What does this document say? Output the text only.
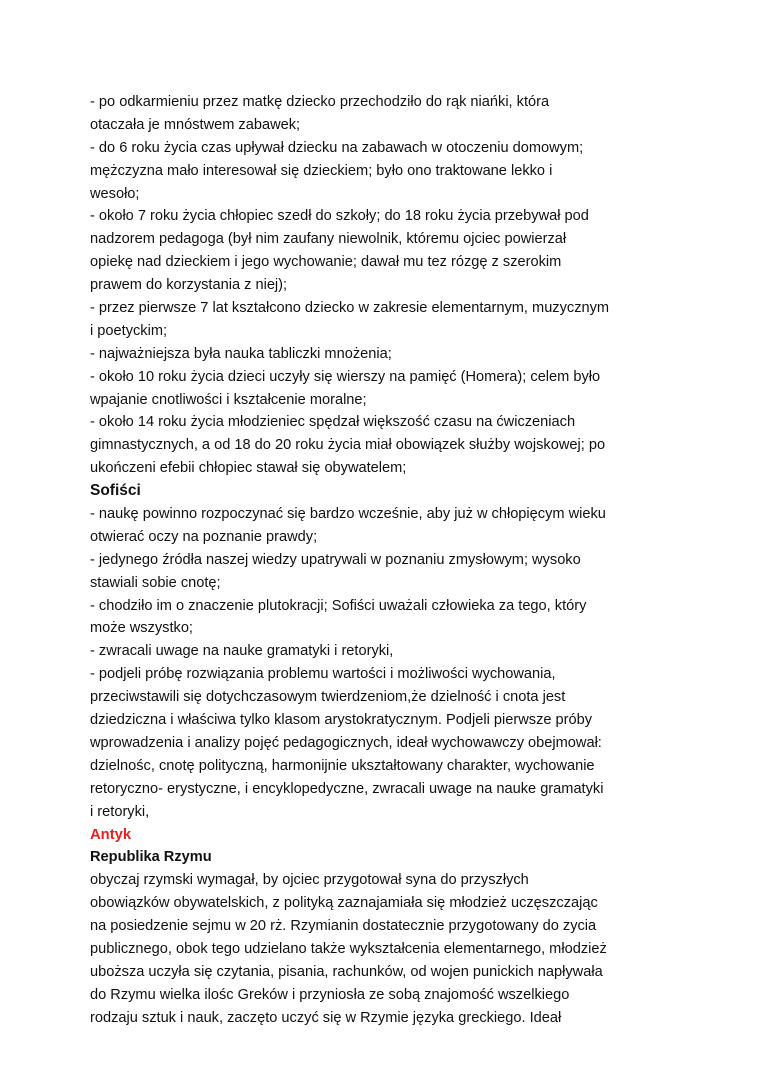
- po odkarmieniu przez matkę dziecko przechodziło do rąk niańki, która
otaczała je mnóstwem zabawek;
- do 6 roku życia czas upływał dziecku na zabawach w otoczeniu domowym;
mężczyzna mało interesował się dzieckiem; było ono traktowane lekko i
wesoło;
- około 7 roku życia chłopiec szedł do szkoły; do 18 roku życia przebywał pod
nadzorem pedagoga (był nim zaufany niewolnik, któremu ojciec powierzał
opiekę nad dzieckiem i jego wychowanie; dawał mu tez rózgę z szerokim
prawem do korzystania z niej);
- przez pierwsze 7 lat kształcono dziecko w zakresie elementarnym, muzycznym
i poetyckim;
- najważniejsza była nauka tabliczki mnożenia;
- około 10 roku życia dzieci uczyły się wierszy na pamięć (Homera); celem było
wpajanie cnotliwości i kształcenie moralne;
- około 14 roku życia młodzieniec spędzał większość czasu na ćwiczeniach
gimnastycznych, a od 18 do 20 roku życia miał obowiązek służby wojskowej; po
ukończeni efebii chłopiec stawał się obywatelem;
Sofiści
- naukę powinno rozpoczynać się bardzo wcześnie, aby już w chłopięcym wieku
otwierać oczy na poznanie prawdy;
- jedynego źródła naszej wiedzy upatrywali w poznaniu zmysłowym; wysoko
stawiali sobie cnotę;
- chodziło im o znaczenie plutokracji; Sofiści uważali człowieka za tego, który
może wszystko;
- zwracali uwage na nauke gramatyki i retoryki,
- podjeli próbę rozwiązania problemu wartości i możliwości wychowania,
przeciwstawili się dotychczasowym twierdzeniom,że dzielność i cnota jest
dziedziczna i właściwa tylko klasom arystokratycznym. Podjeli pierwsze próby
wprowadzenia i analizy pojęć pedagogicznych, ideał wychowawczy obejmował:
dzielnośc, cnotę polityczną, harmonijnie ukształtowany charakter, wychowanie
retoryczno- erystyczne, i encyklopedyczne, zwracali uwage na nauke gramatyki
i retoryki,
Antyk
Republika Rzymu
obyczaj rzymski wymagał, by ojciec przygotował syna do przyszłych
obowiązków obywatelskich, z polityką zaznajamiała się młodzież uczęszczając
na posiedzenie sejmu w 20 rż. Rzymianin dostatecznie przygotowany do zycia
publicznego, obok tego udzielano także wykształcenia elementarnego, młodzież
uboższa uczyła się czytania, pisania, rachunków, od wojen punickich napływała
do Rzymu wielka ilośc Greków i przyniosła ze sobą znajomość wszelkiego
rodzaju sztuk i nauk, zaczęto uczyć się w Rzymie języka greckiego. Ideał
